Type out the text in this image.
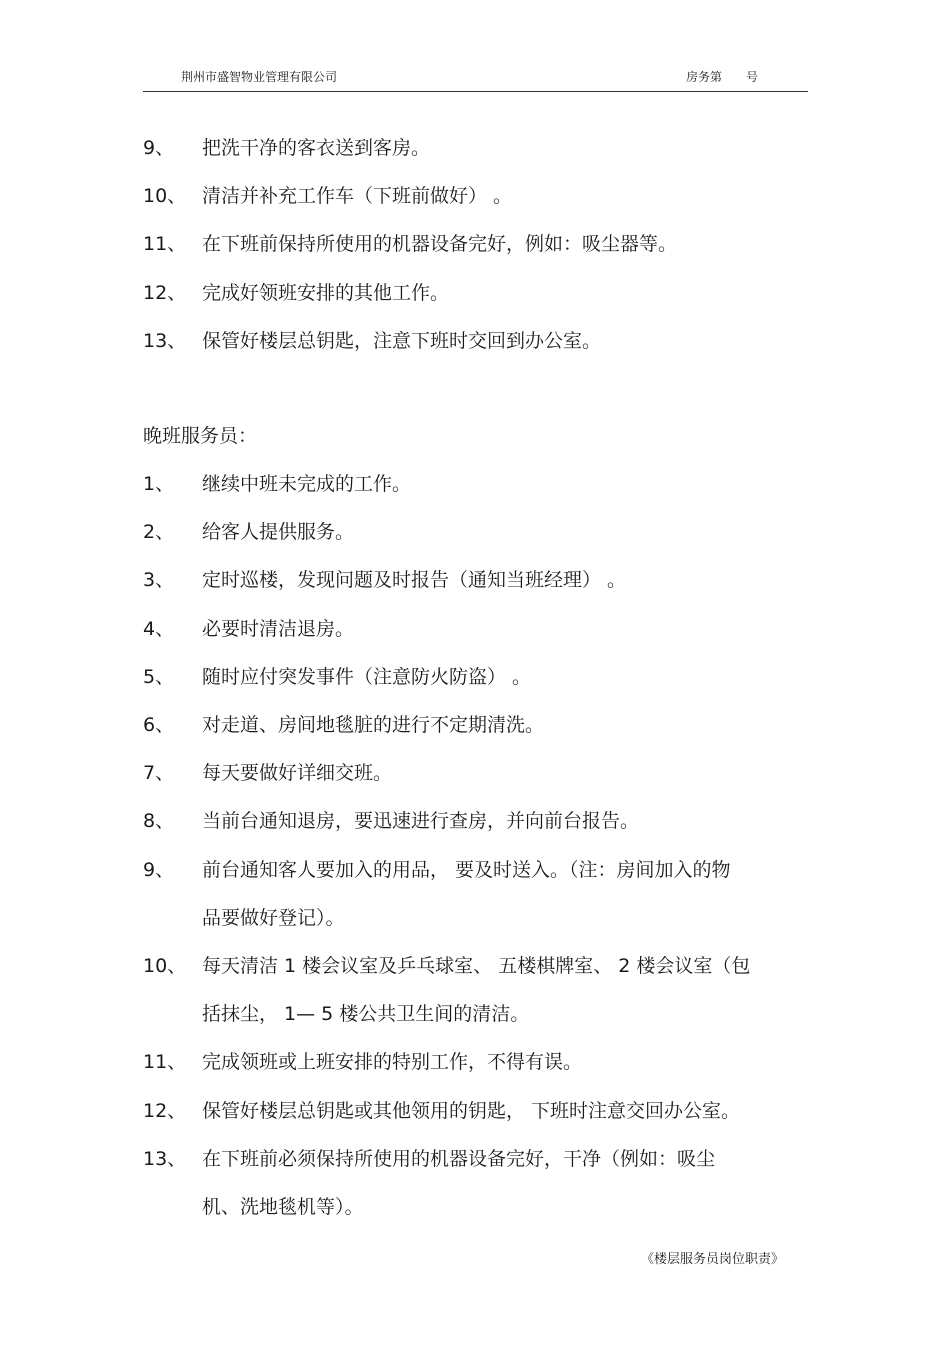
荆州市盛智物业管理有限公司	房务第 号
9、 把洗干净的客衣送到客房。
10、 清洁并补充工作车（下班前做好） 。
11、 在下班前保持所使用的机器设备完好，例如：吸尘器等。
12、 完成好领班安排的其他工作。
13、 保管好楼层总钥匙，注意下班时交回到办公室。
晚班服务员：
1、 继续中班未完成的工作。
2、 给客人提供服务。
3、 定时巡楼，发现问题及时报告（通知当班经理） 。
4、 必要时清洁退房。
5、 随时应付突发事件（注意防火防盗） 。
6、 对走道、房间地毯脏的进行不定期清洗。
7、 每天要做好详细交班。
8、 当前台通知退房，要迅速进行查房，并向前台报告。
9、 前台通知客人要加入的用品， 要及时送入。（注：房间加入的物
品要做好登记）。
10、 每天清洁 1 楼会议室及乒乓球室、 五楼棋牌室、 2 楼会议室（包
括抹尘， 1— 5 楼公共卫生间的清洁。
11、 完成领班或上班安排的特别工作，不得有误。
12、 保管好楼层总钥匙或其他领用的钥匙， 下班时注意交回办公室。
13、 在下班前必须保持所使用的机器设备完好，干净（例如：吸尘
机、洗地毯机等）。
《楼层服务员岗位职责》
